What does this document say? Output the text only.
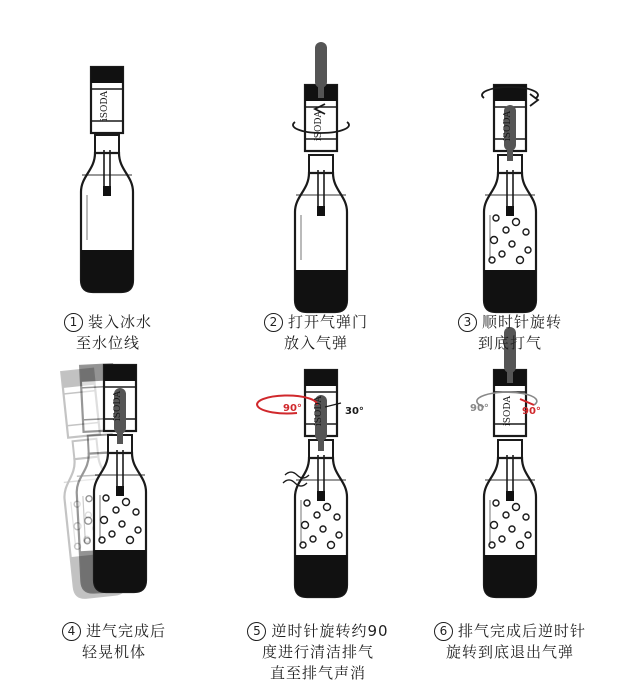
iSODA
iSODA	iSODA
iSODA	iSODA	iSODA
90°	30°	90°	90°
1 装入冰水
至水位线
2 打开气弹门
放入气弹
3 顺时针旋转
到底打气
4 进气完成后
轻晃机体
5 逆时针旋转约90
度进行清洁排气
直至排气声消
6 排气完成后逆时针
旋转到底退出气弹
